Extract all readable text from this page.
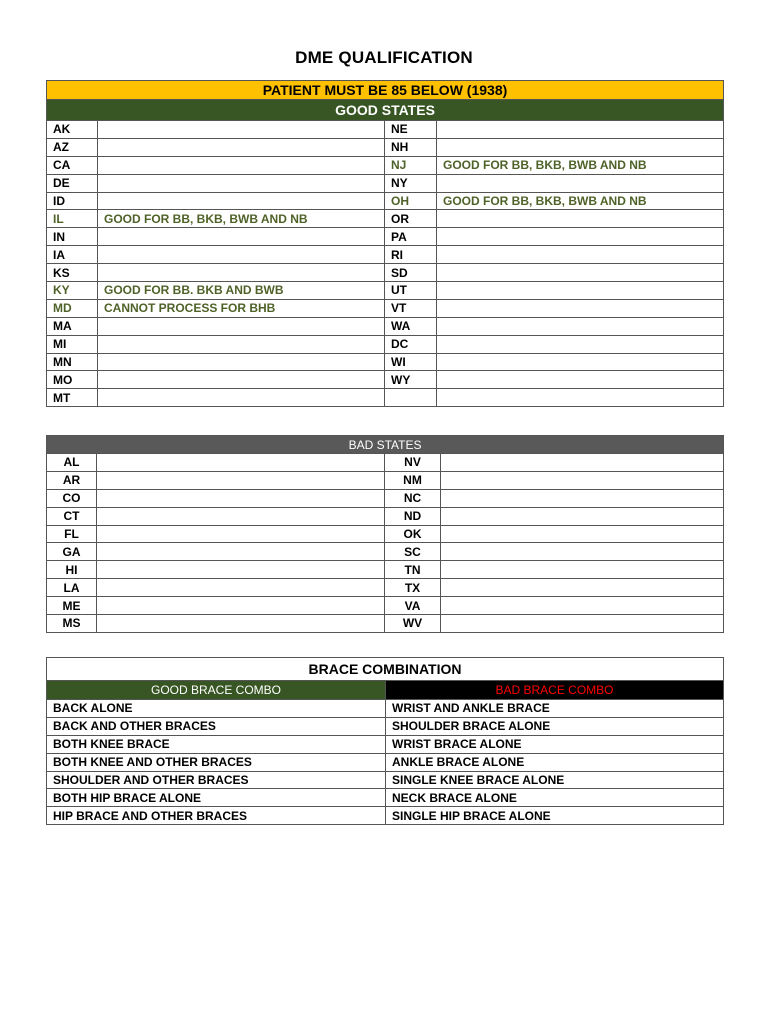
DME QUALIFICATION
PATIENT MUST BE 85 BELOW (1938)			
GOOD STATES			
AK		NE	
AZ		NH	
CA		NJ	GOOD FOR BB, BKB, BWB AND NB
DE		NY	
ID		OH	GOOD FOR BB, BKB, BWB AND NB
IL	GOOD FOR BB, BKB, BWB AND NB	OR	
IN		PA	
IA		RI	
KS		SD	
KY	GOOD FOR BB. BKB AND BWB	UT	
MD	CANNOT PROCESS FOR BHB	VT	
MA		WA	
MI		DC	
MN		WI	
MO		WY	
MT			
BAD STATES			
AL		NV	
AR		NM	
CO		NC	
CT		ND	
FL		OK	
GA		SC	
HI		TN	
LA		TX	
ME		VA	
MS		WV	
BRACE COMBINATION	
GOOD BRACE COMBO	BAD BRACE COMBO
BACK ALONE	WRIST AND ANKLE BRACE
BACK AND OTHER BRACES	SHOULDER BRACE ALONE
BOTH KNEE BRACE	WRIST BRACE ALONE
BOTH KNEE AND OTHER BRACES	ANKLE BRACE ALONE
SHOULDER AND OTHER BRACES	SINGLE KNEE BRACE ALONE
BOTH HIP BRACE ALONE	NECK BRACE ALONE
HIP BRACE AND OTHER BRACES	SINGLE HIP BRACE ALONE
